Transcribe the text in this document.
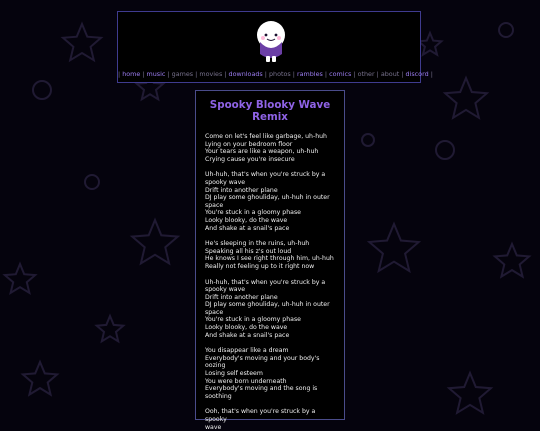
| home | music | games | movies | downloads | photos | rambles | comics | other | about | discord |
Spooky Blooky Wave Remix
Come on let's feel like garbage, uh-huh
Lying on your bedroom floor
Your tears are like a weapon, uh-huh
Crying cause you're insecure
Uh-huh, that's when you're struck by a
spooky wave
Drift into another plane
DJ play some ghouliday, uh-huh in outer
space
You're stuck in a gloomy phase
Looky blooky, do the wave
And shake at a snail's pace
He's sleeping in the ruins, uh-huh
Speaking all his z's out loud
He knows I see right through him, uh-huh
Really not feeling up to it right now
Uh-huh, that's when you're struck by a
spooky wave
Drift into another plane
DJ play some ghouliday, uh-huh in outer
space
You're stuck in a gloomy phase
Looky blooky, do the wave
And shake at a snail's pace
You disappear like a dream
Everybody's moving and your body's
oozing
Losing self esteem
You were born underneath
Everybody's moving and the song is
soothing
Ooh, that's when you're struck by a spooky
wave
